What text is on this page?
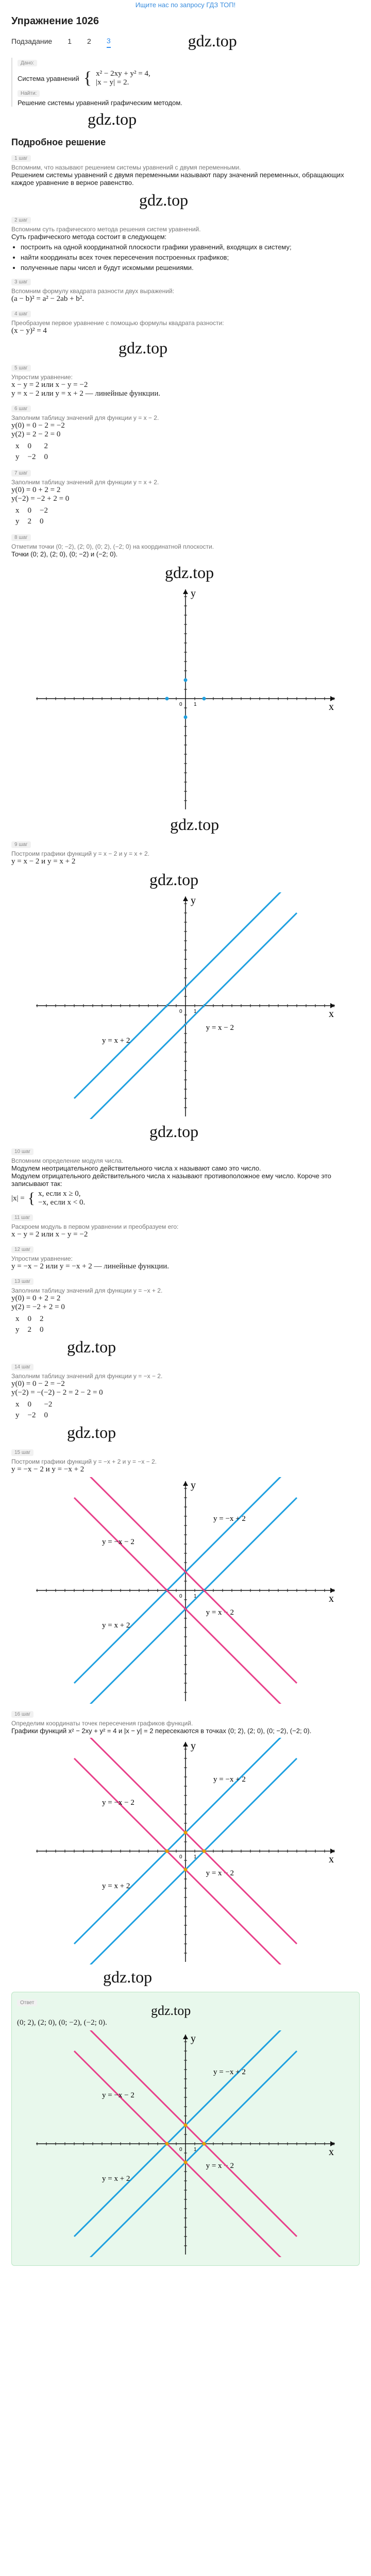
Ищите нас по запросу ГДЗ ТОП!
Упражнение 1026
Подзадание 1 2 3	gdz.top
Дано:
Система уравнений { x² − 2xy + y² = 4,
|x − y| = 2.
Найти:
Решение системы уравнений графическим методом.
gdz.top
Подробное решение
1 шаг
Вспомним, что называют решением системы уравнений с двумя переменными.
Решением системы уравнений с двумя переменными называют пару значений переменных, обращающих каждое уравнение в верное равенство.
gdz.top
2 шаг
Вспомним суть графического метода решения систем уравнений.
Суть графического метода состоит в следующем:
• построить на одной координатной плоскости графики уравнений, входящих в систему;
• найти координаты всех точек пересечения построенных графиков;
• полученные пары чисел и будут искомыми решениями.
3 шаг
Вспомним формулу квадрата разности двух выражений:
(a − b)² = a² − 2ab + b².
4 шаг
Преобразуем первое уравнение с помощью формулы квадрата разности:
(x − y)² = 4
gdz.top
5 шаг
Упростим уравнение:
x − y = 2 или x − y = −2
y = x − 2 или y = x + 2 — линейные функции.
6 шаг
Заполним таблицу значений для функции y = x − 2.
y(0) = 0 − 2 = −2
y(2) = 2 − 2 = 0
x	0	2
y	−2	0
7 шаг
Заполним таблицу значений для функции y = x + 2.
y(0) = 0 + 2 = 2
y(−2) = −2 + 2 = 0
x	0	−2
y	2	0
8 шаг
Отметим точки (0; −2), (2; 0), (0; 2), (−2; 0) на координатной плоскости.
Точки (0; 2), (2; 0), (0; −2) и (−2; 0).
gdz.top
x
y
0 1
gdz.top
9 шаг
Построим графики функций y = x − 2 и y = x + 2.
y = x − 2 и y = x + 2
gdz.top
x
y
0 1
y = x − 2
y = x + 2
gdz.top
10 шаг
Вспомним определение модуля числа.
Модулем неотрицательного действительного числа x называют само это число.
Модулем отрицательного действительного числа x называют противоположное ему число. Короче это записывают так:
|x| = { x, если x ≥ 0,
−x, если x < 0.
11 шаг
Раскроем модуль в первом уравнении и преобразуем его:
x − y = 2 или x − y = −2
12 шаг
Упростим уравнение:
y = −x − 2 или y = −x + 2 — линейные функции.
13 шаг
Заполним таблицу значений для функции y = −x + 2.
y(0) = 0 + 2 = 2
y(2) = −2 + 2 = 0
x	0	2
y	2	0
gdz.top
14 шаг
Заполним таблицу значений для функции y = −x − 2.
y(0) = 0 − 2 = −2
y(−2) = −(−2) − 2 = 2 − 2 = 0
x	0	−2
y	−2	0
gdz.top
15 шаг
Построим графики функций y = −x + 2 и y = −x − 2.
y = −x − 2 и y = −x + 2
x
y
0 1
y = x − 2
y = x + 2
y = −x − 2
y = −x + 2
16 шаг
Определим координаты точек пересечения графиков функций.
Графики функций x² − 2xy + y² = 4 и |x − y| = 2 пересекаются в точках (0; 2), (2; 0), (0; −2), (−2; 0).
x
y
0 1
y = x − 2
y = x + 2
y = −x − 2
y = −x + 2
gdz.top
Ответ
gdz.top
(0; 2), (2; 0), (0; −2), (−2; 0).
x
y
0 1
y = x − 2
y = x + 2
y = −x − 2
y = −x + 2
